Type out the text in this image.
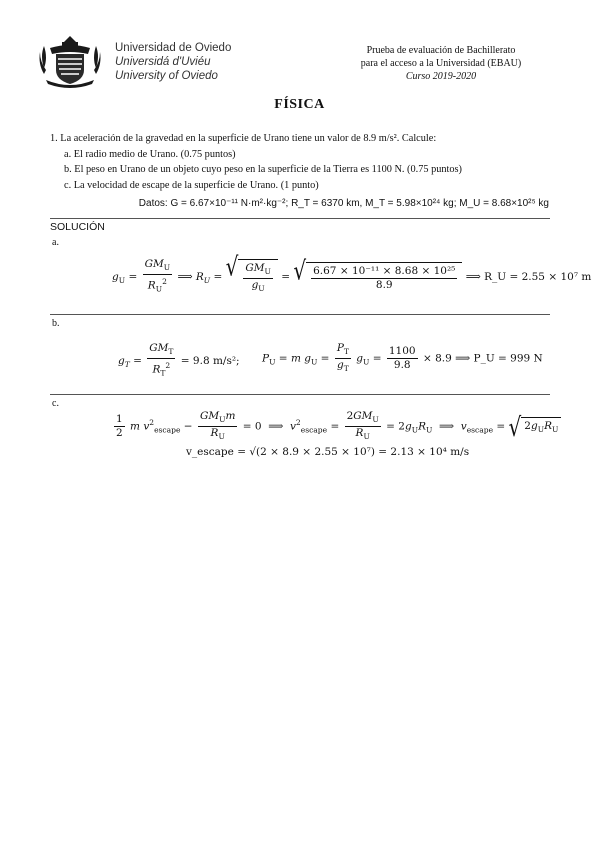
Universidad de Oviedo
Universidá d'Uviéu
University of Oviedo
Prueba de evaluación de Bachillerato
para el acceso a la Universidad (EBAU)
Curso 2019-2020
FÍSICA
1. La aceleración de la gravedad en la superficie de Urano tiene un valor de 8.9 m/s². Calcule:
a. El radio medio de Urano. (0.75 puntos)
b. El peso en Urano de un objeto cuyo peso en la superficie de la Tierra es 1100 N. (0.75 puntos)
c. La velocidad de escape de la superficie de Urano. (1 punto)
Datos: G = 6.67×10⁻¹¹ N·m²·kg⁻²; R_T = 6370 km, M_T = 5.98×10²⁴ kg; M_U = 8.68×10²⁵ kg
SOLUCIÓN
a.
$g_U = \frac{GM_U}{R_U^2}$ ⟹ $R_U$ = √ $\frac{GM_U}{g_U}$ = √ $\frac{\text{6.67 × 10⁻¹¹ × 8.68 × 10²⁵}}{8.9}$ ⟹ R_U = 2.55 × 10⁷ m
b.
$g_T = \frac{GM_T}{R_T^2} = 9.8$ m/s²; $P_U = m$ $g_U = \frac{P_T}{g_T} g_U = \frac{1100}{9.8} \times 8.9$ ⟹ P_U = 999 N
c.
$\frac{1}{2}$ m $v^2_{escape} - \frac{GM_Um}{R_U} = 0$  ⟹  $v^2_{escape} = \frac{2GM_U}{R_U} = 2g_UR_U$  ⟹  $v_{escape}$ = √ $2g_UR_U$
v_escape = √(2 × 8.9 × 2.55 × 10⁷) = 2.13 × 10⁴ m/s
